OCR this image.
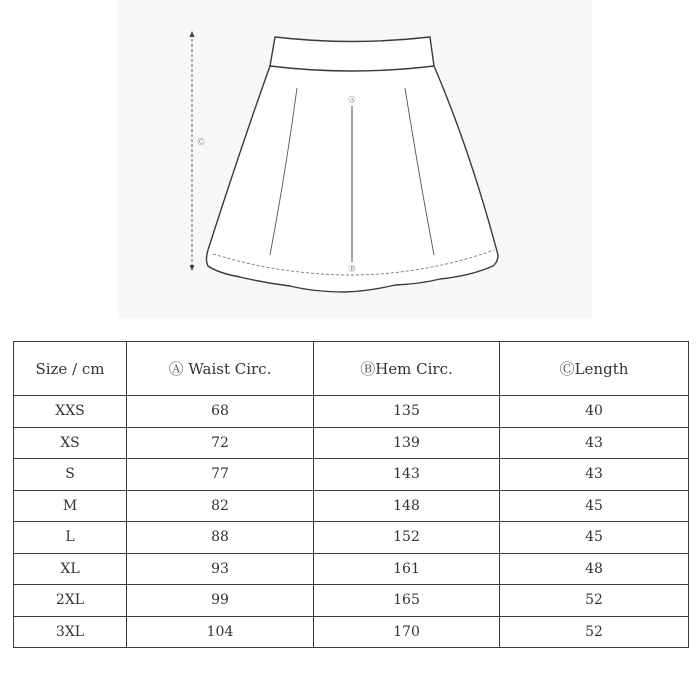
Ⓐ
Ⓑ
Ⓒ
Size / cm	Ⓐ Waist Circ.	ⒷHem Circ.	ⒸLength
XXS	68	135	40
XS	72	139	43
S	77	143	43
M	82	148	45
L	88	152	45
XL	93	161	48
2XL	99	165	52
3XL	104	170	52
